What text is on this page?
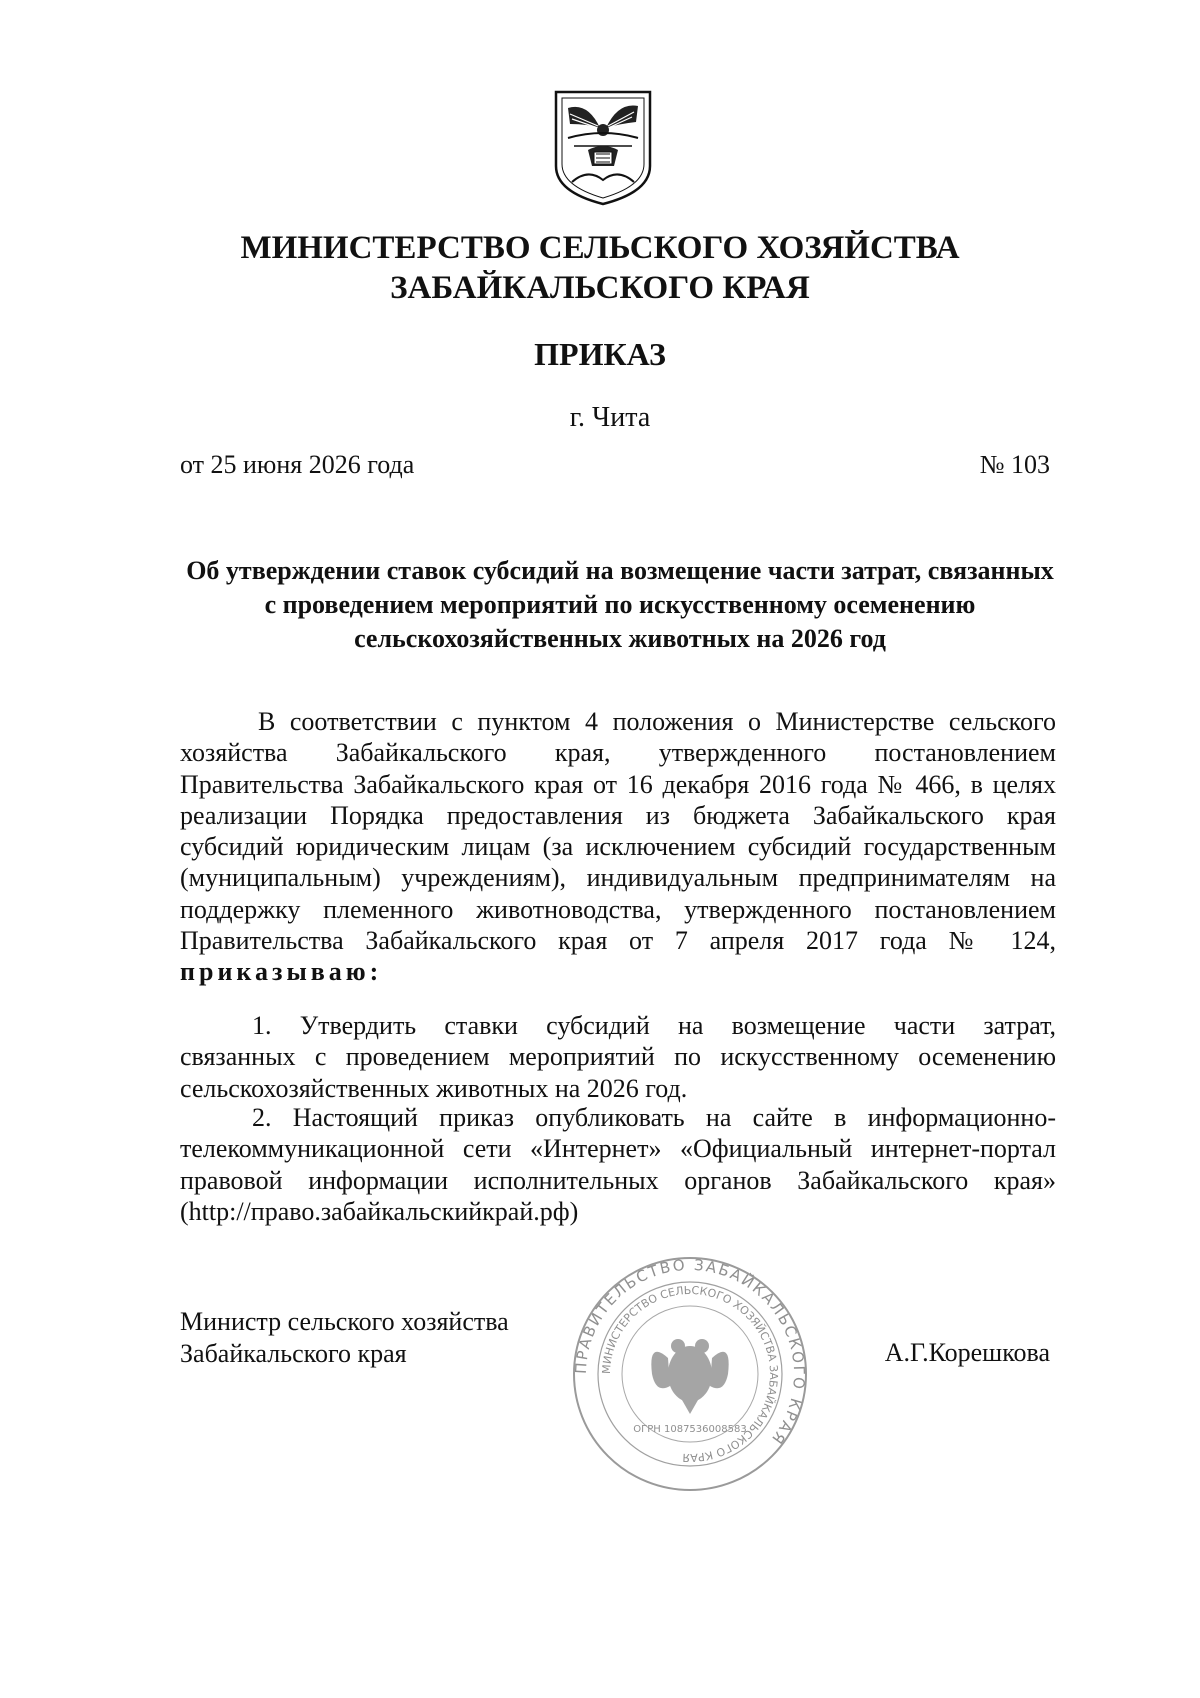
МИНИСТЕРСТВО СЕЛЬСКОГО ХОЗЯЙСТВА
ЗАБАЙКАЛЬСКОГО КРАЯ
ПРИКАЗ
г. Чита
от 25 июня 2026 года	№ 103
Об утверждении ставок субсидий на возмещение части затрат, связанных
с проведением мероприятий по искусственному осеменению
сельскохозяйственных животных на 2026 год
В соответствии с пунктом 4 положения о Министерстве сельского
хозяйства Забайкальского края, утвержденного постановлением
Правительства Забайкальского края от 16 декабря 2016 года № 466, в целях
реализации Порядка предоставления из бюджета Забайкальского края
субсидий юридическим лицам (за исключением субсидий государственным
(муниципальным) учреждениям), индивидуальным предпринимателям на
поддержку племенного животноводства, утвержденного постановлением
Правительства Забайкальского края от 7 апреля 2017 года № 124,
приказываю:
1. Утвердить ставки субсидий на возмещение части затрат,
связанных с проведением мероприятий по искусственному осеменению
сельскохозяйственных животных на 2026 год.
2. Настоящий приказ опубликовать на сайте в информационно-
телекоммуникационной сети «Интернет» «Официальный интернет-портал
правовой информации исполнительных органов Забайкальского края»
(http://право.забайкальскийкрай.рф)
Министр сельского хозяйства
Забайкальского края	А.Г.Корешкова
ПРАВИТЕЛЬСТВО ЗАБАЙКАЛЬСКОГО КРАЯ
МИНИСТЕРСТВО СЕЛЬСКОГО ХОЗЯЙСТВА ЗАБАЙКАЛЬСКОГО КРАЯ
ОГРН 1087536008583
